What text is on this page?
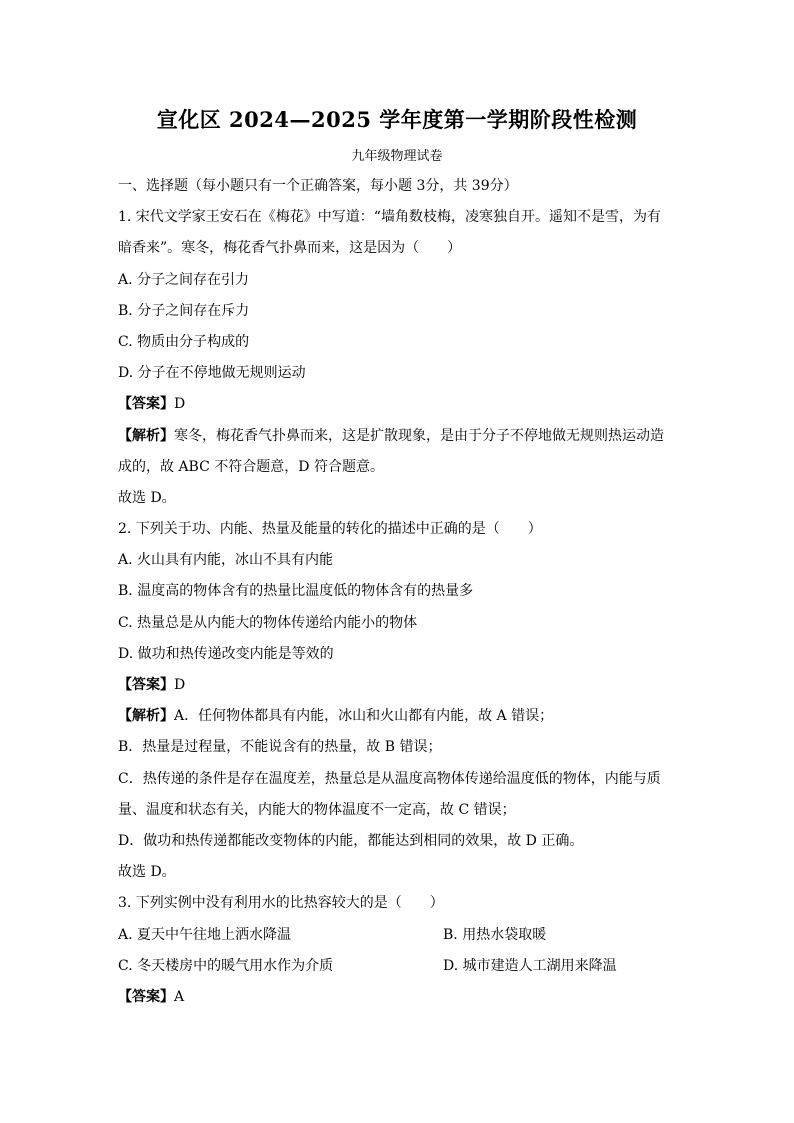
宣化区 2024—2025 学年度第一学期阶段性检测
九年级物理试卷
一、选择题（每小题只有一个正确答案，每小题 3分，共 39分）
1. 宋代文学家王安石在《梅花》中写道：“墙角数枝梅，凌寒独自开。遥知不是雪，为有
暗香来”。寒冬，梅花香气扑鼻而来，这是因为（　　）
A. 分子之间存在引力
B. 分子之间存在斥力
C. 物质由分子构成的
D. 分子在不停地做无规则运动
【答案】D
【解析】寒冬，梅花香气扑鼻而来，这是扩散现象，是由于分子不停地做无规则热运动造
成的，故 ABC 不符合题意，D 符合题意。
故选 D。
2. 下列关于功、内能、热量及能量的转化的描述中正确的是（　　）
A. 火山具有内能，冰山不具有内能
B. 温度高的物体含有的热量比温度低的物体含有的热量多
C. 热量总是从内能大的物体传递给内能小的物体
D. 做功和热传递改变内能是等效的
【答案】D
【解析】A．任何物体都具有内能，冰山和火山都有内能，故 A 错误；
B．热量是过程量，不能说含有的热量，故 B 错误；
C．热传递的条件是存在温度差，热量总是从温度高物体传递给温度低的物体，内能与质
量、温度和状态有关，内能大的物体温度不一定高，故 C 错误；
D．做功和热传递都能改变物体的内能，都能达到相同的效果，故 D 正确。
故选 D。
3. 下列实例中没有利用水的比热容较大的是（　　）
A. 夏天中午往地上洒水降温	B. 用热水袋取暖
C. 冬天楼房中的暖气用水作为介质	D. 城市建造人工湖用来降温
【答案】A
